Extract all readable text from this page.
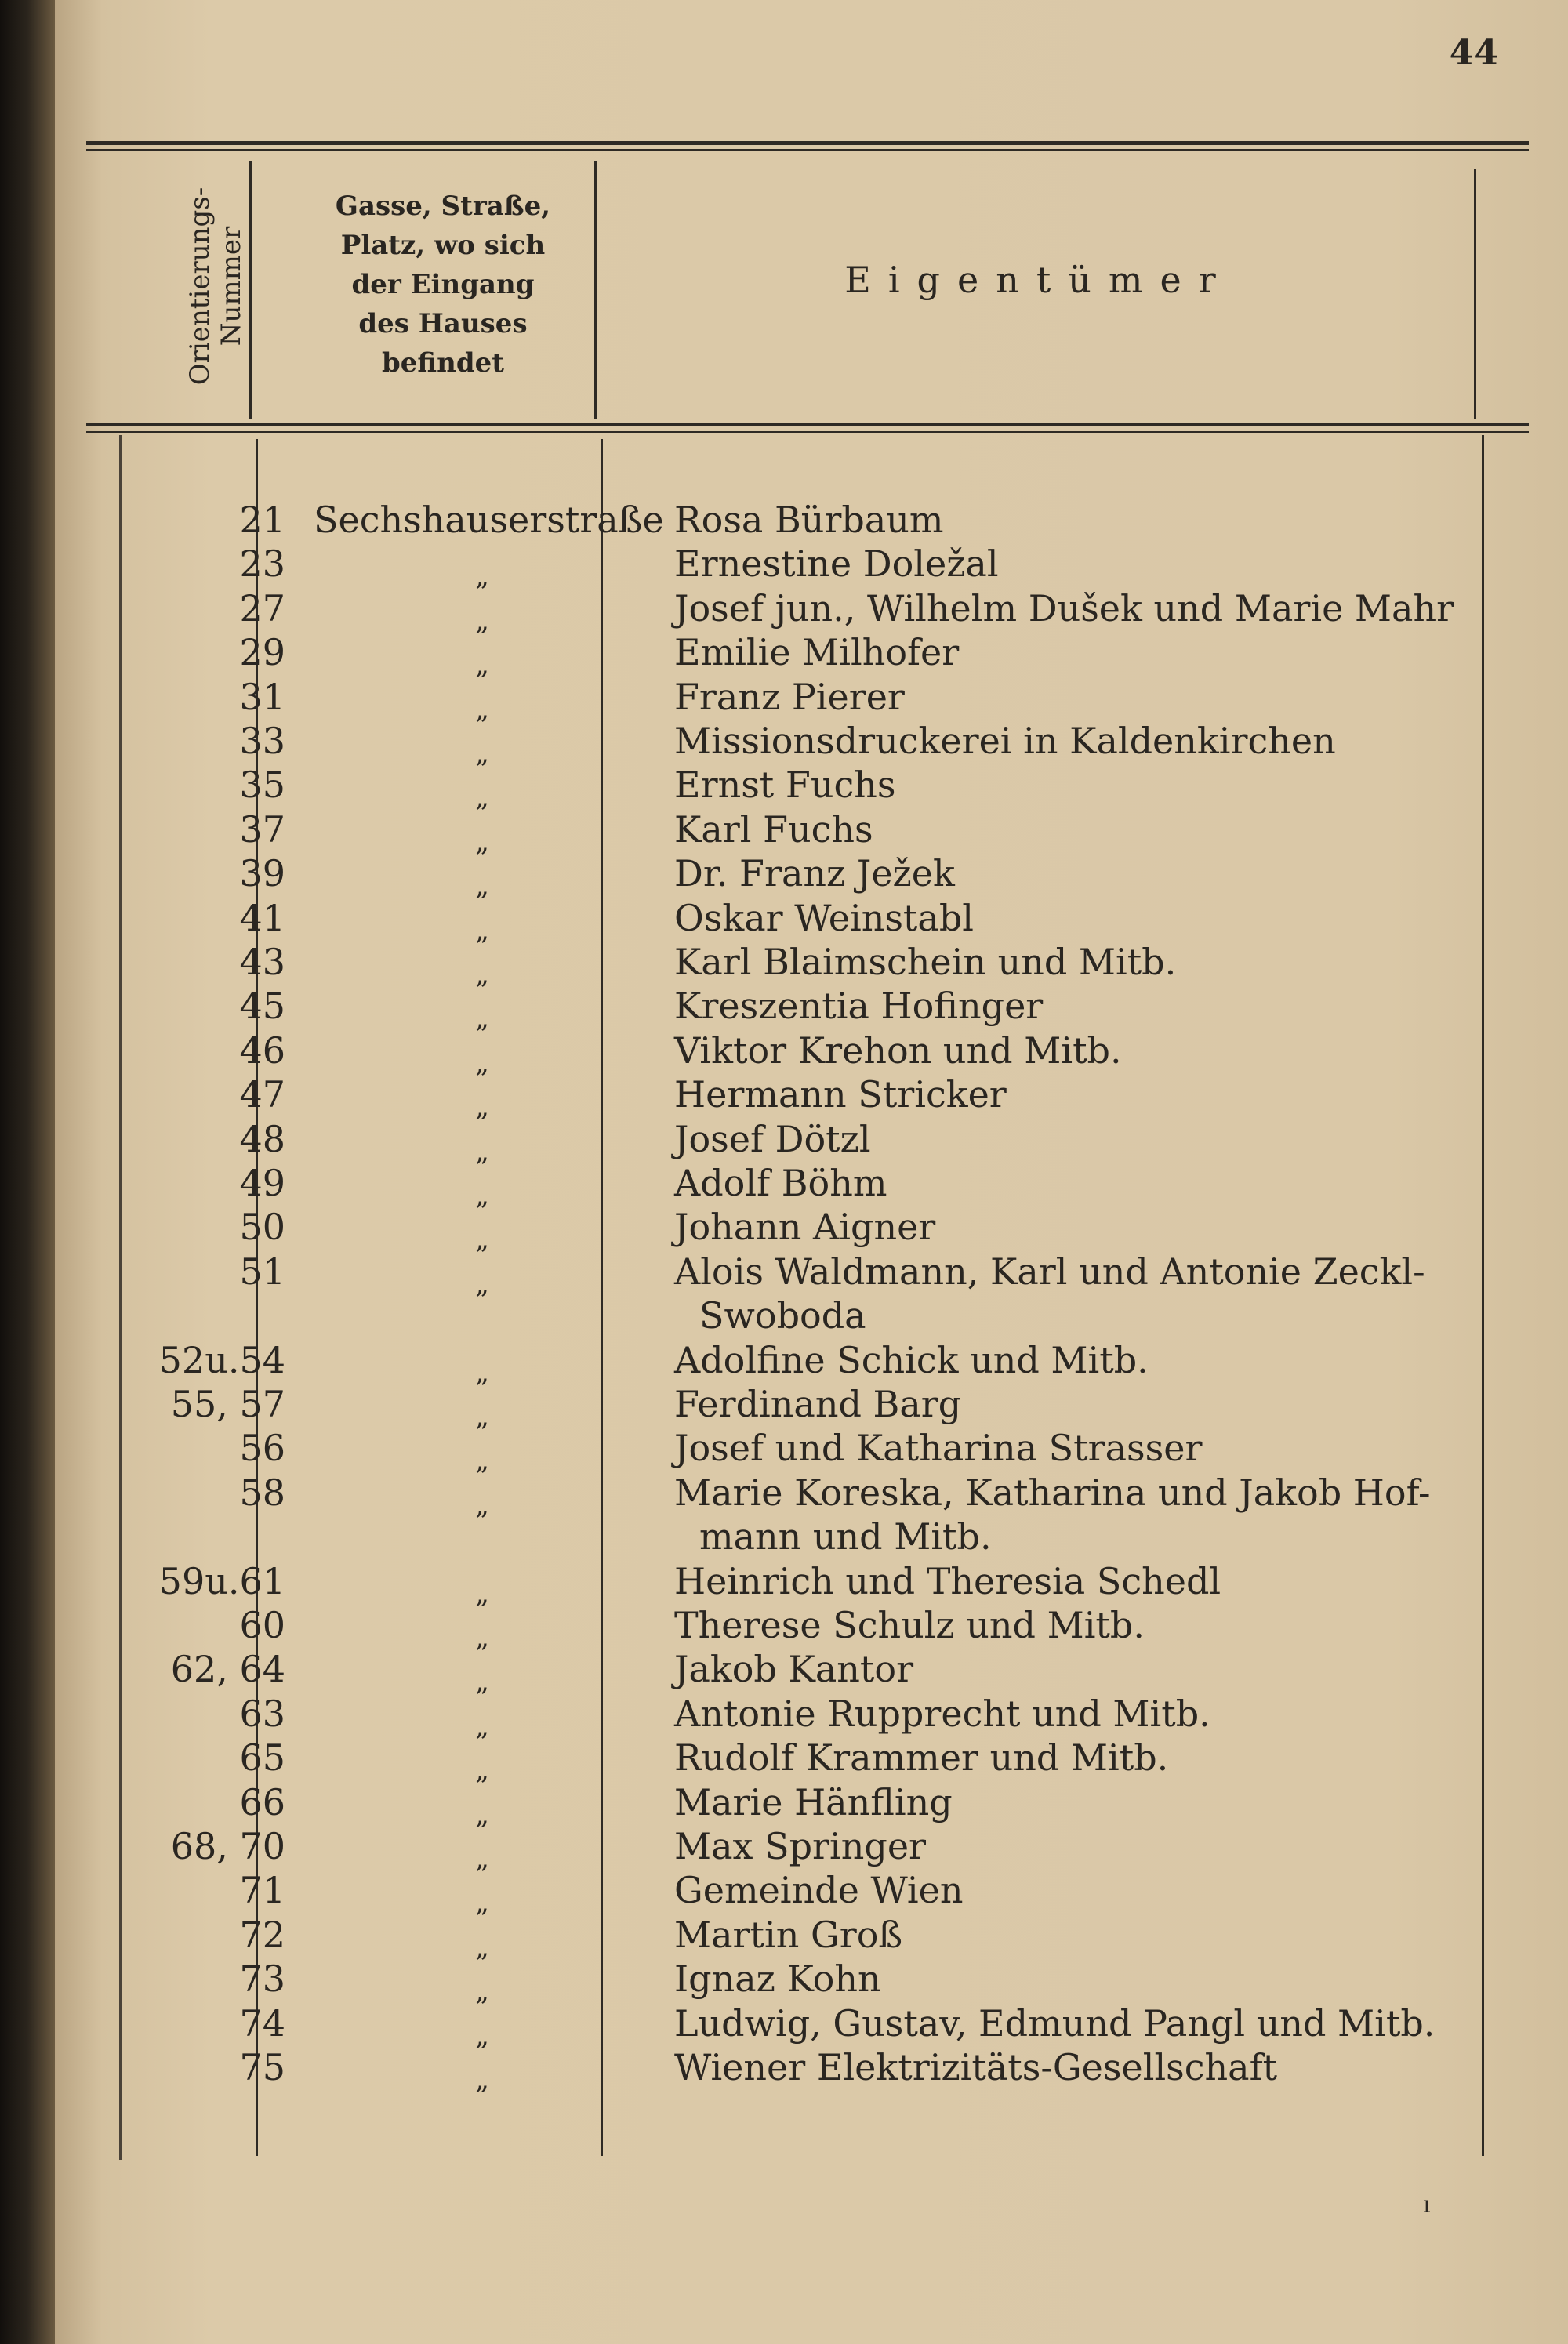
44
Orientierungs- Nummer
Gasse, Straße,
Platz, wo sich
der Eingang
des Hauses
befindet
Eigentümer
21 Sechshauserstraße Rosa Bürbaum
23	„	Ernestine Doležal
27	„	Josef jun., Wilhelm Dušek und Marie Mahr
29	„	Emilie Milhofer
31	„	Franz Pierer
33	„	Missionsdruckerei in Kaldenkirchen
35	„	Ernst Fuchs
37	„	Karl Fuchs
39	„	Dr. Franz Ježek
41	„	Oskar Weinstabl
43	„	Karl Blaimschein und Mitb.
45	„	Kreszentia Hofinger
46	„	Viktor Krehon und Mitb.
47	„	Hermann Stricker
48	„	Josef Dötzl
49	„	Adolf Böhm
50	„	Johann Aigner
51	„	Alois Waldmann, Karl und Antonie Zeckl-
Swoboda
52u.54	„	Adolfine Schick und Mitb.
55, 57	„	Ferdinand Barg
56	„	Josef und Katharina Strasser
58	„	Marie Koreska, Katharina und Jakob Hof-
mann und Mitb.
59u.61	„	Heinrich und Theresia Schedl
60	„	Therese Schulz und Mitb.
62, 64	„	Jakob Kantor
63	„	Antonie Rupprecht und Mitb.
65	„	Rudolf Krammer und Mitb.
66	„	Marie Hänfling
68, 70	„	Max Springer
71	„	Gemeinde Wien
72	„	Martin Groß
73	„	Ignaz Kohn
74	„	Ludwig, Gustav, Edmund Pangl und Mitb.
75	„	Wiener Elektrizitäts-Gesellschaft
ı
